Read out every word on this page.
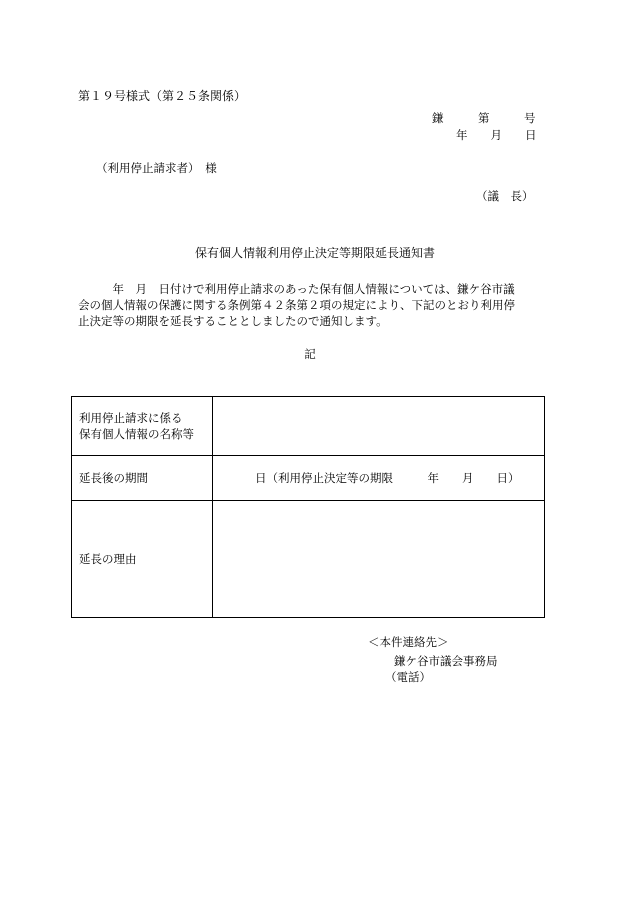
第１９号様式（第２５条関係）
鎌　　　第　　　号
年　　月　　日
（利用停止請求者）　様
（議　長）
保有個人情報利用停止決定等期限延長通知書
　　　年　月　日付けで利用停止請求のあった保有個人情報については、鎌ケ谷市議
会の個人情報の保護に関する条例第４２条第２項の規定により、下記のとおり利用停
止決定等の期限を延長することとしましたので通知します。
記
利用停止請求に係る
保有個人情報の名称等	

延長後の期間	日（利用停止決定等の期限　　　年　　月　　日）
延長の理由	
＜本件連絡先＞
鎌ケ谷市議会事務局
（電話）
